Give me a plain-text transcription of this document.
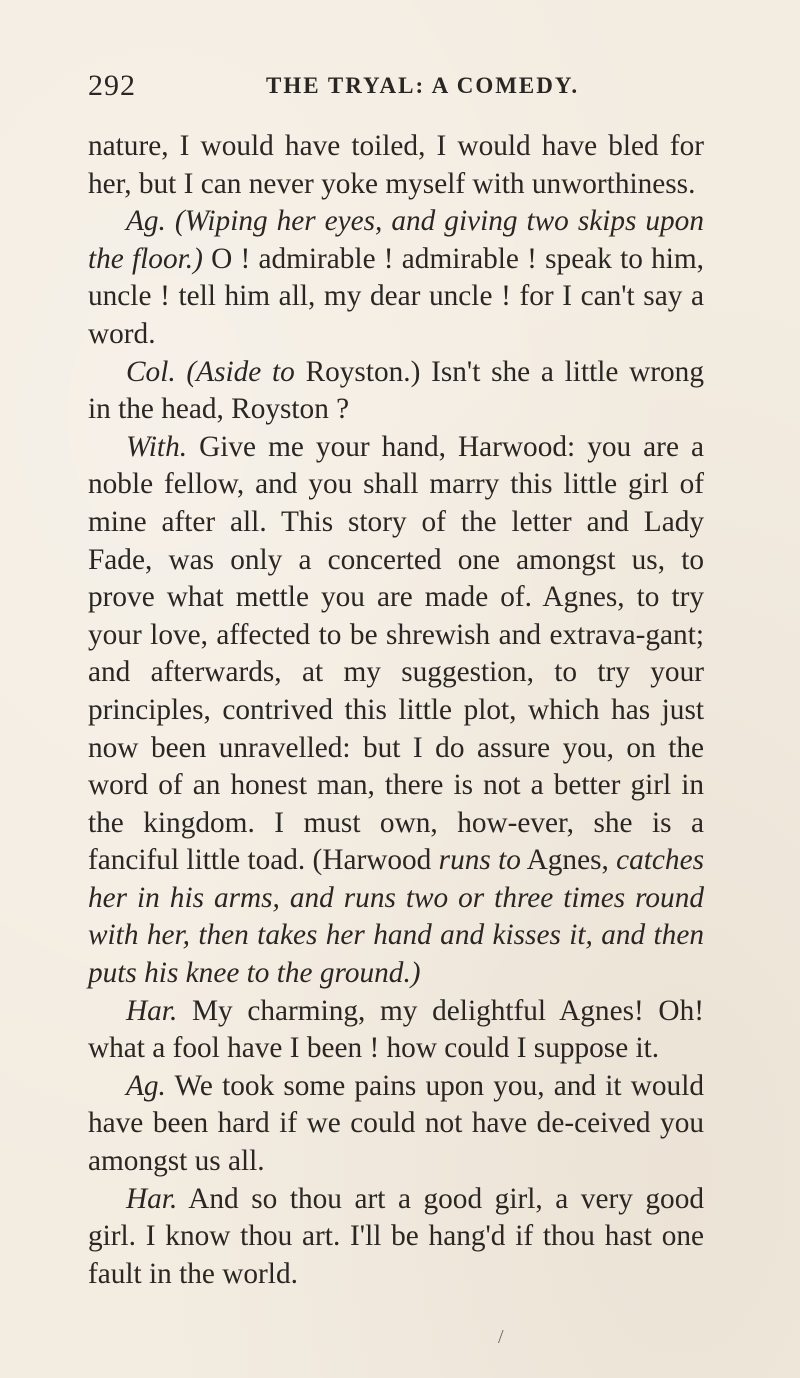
292	THE TRYAL: A COMEDY.

nature, I would have toiled, I would have bled for her, but I can never yoke myself with unworthiness.

Ag. (Wiping her eyes, and giving two skips upon the floor.) O ! admirable ! admirable ! speak to him, uncle ! tell him all, my dear uncle ! for I can't say a word.

Col. (Aside to Royston.) Isn't she a little wrong in the head, Royston ?

With. Give me your hand, Harwood: you are a noble fellow, and you shall marry this little girl of mine after all. This story of the letter and Lady Fade, was only a concerted one amongst us, to prove what mettle you are made of. Agnes, to try your love, affected to be shrewish and extrava-gant; and afterwards, at my suggestion, to try your principles, contrived this little plot, which has just now been unravelled: but I do assure you, on the word of an honest man, there is not a better girl in the kingdom. I must own, how-ever, she is a fanciful little toad. (Harwood runs to Agnes, catches her in his arms, and runs two or three times round with her, then takes her hand and kisses it, and then puts his knee to the ground.)

Har. My charming, my delightful Agnes! Oh! what a fool have I been ! how could I suppose it.

Ag. We took some pains upon you, and it would have been hard if we could not have de-ceived you amongst us all.

Har. And so thou art a good girl, a very good girl. I know thou art. I'll be hang'd if thou hast one fault in the world.

/
